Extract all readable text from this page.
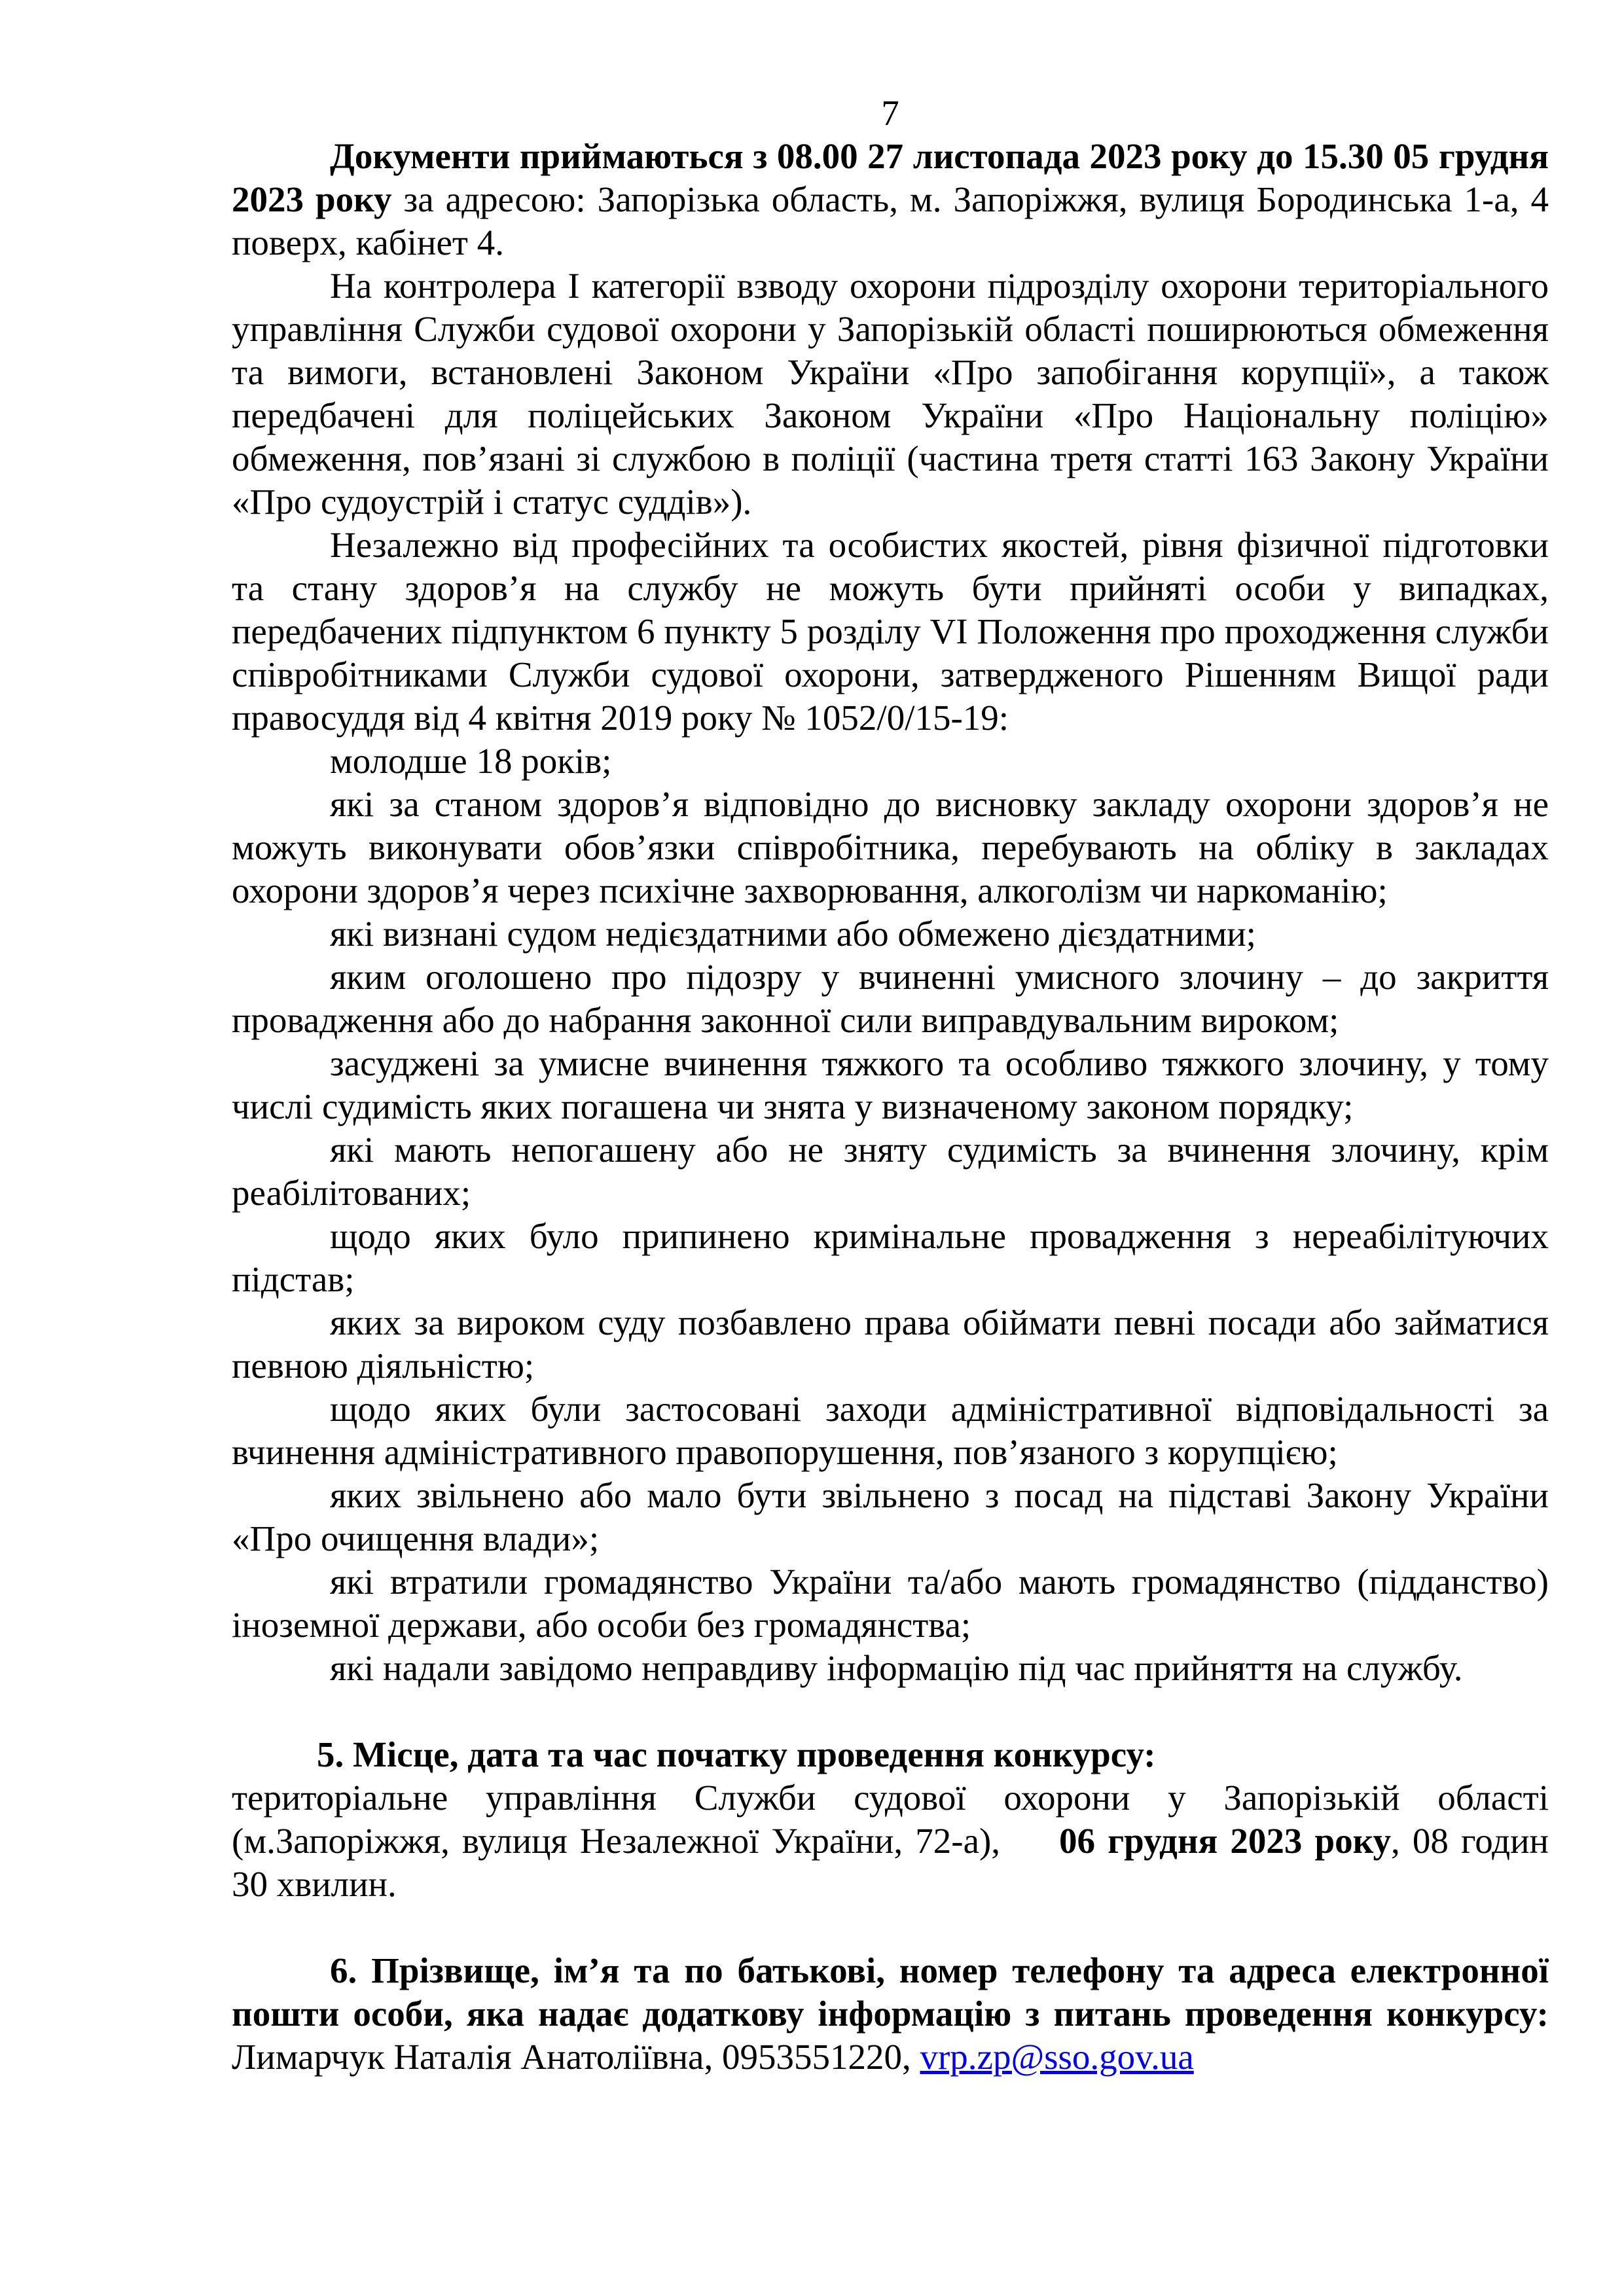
7

Документи приймаються з 08.00 27 листопада 2023 року до 15.30 05 грудня 2023 року за адресою: Запорізька область, м. Запоріжжя, вулиця Бородинська 1-а, 4 поверх, кабінет 4.

На контролера I категорії взводу охорони підрозділу охорони територіального управління Служби судової охорони у Запорізькій області поширюються обмеження та вимоги, встановлені Законом України «Про запобігання корупції», а також передбачені для поліцейських Законом України «Про Національну поліцію» обмеження, пов’язані зі службою в поліції (частина третя статті 163 Закону України «Про судоустрій і статус суддів»).

Незалежно від професійних та особистих якостей, рівня фізичної підготовки та стану здоров’я на службу не можуть бути прийняті особи у випадках, передбачених підпунктом 6 пункту 5 розділу VI Положення про проходження служби співробітниками Служби судової охорони, затвердженого Рішенням Вищої ради правосуддя від 4 квітня 2019 року № 1052/0/15-19:

молодше 18 років;

які за станом здоров’я відповідно до висновку закладу охорони здоров’я не можуть виконувати обов’язки співробітника, перебувають на обліку в закладах охорони здоров’я через психічне захворювання, алкоголізм чи наркоманію;

які визнані судом недієздатними або обмежено дієздатними;

яким оголошено про підозру у вчиненні умисного злочину – до закриття провадження або до набрання законної сили виправдувальним вироком;

засуджені за умисне вчинення тяжкого та особливо тяжкого злочину, у тому числі судимість яких погашена чи знята у визначеному законом порядку;

які мають непогашену або не зняту судимість за вчинення злочину, крім реабілітованих;

щодо яких було припинено кримінальне провадження з нереабілітуючих підстав;

яких за вироком суду позбавлено права обіймати певні посади або займатися певною діяльністю;

щодо яких були застосовані заходи адміністративної відповідальності за вчинення адміністративного правопорушення, пов’язаного з корупцією;

яких звільнено або мало бути звільнено з посад на підставі Закону України «Про очищення влади»;

які втратили громадянство України та/або мають громадянство (підданство) іноземної держави, або особи без громадянства;

які надали завідомо неправдиву інформацію під час прийняття на службу.

5. Місце, дата та час початку проведення конкурсу:

територіальне управління Служби судової охорони у Запорізькій області (м.Запоріжжя, вулиця Незалежної України, 72-а), 06 грудня 2023 року, 08 годин 30 хвилин.

6. Прізвище, ім’я та по батькові, номер телефону та адреса електронної пошти особи, яка надає додаткову інформацію з питань проведення конкурсу: Лимарчук Наталія Анатоліївна, 0953551220, vrp.zp@sso.gov.ua
